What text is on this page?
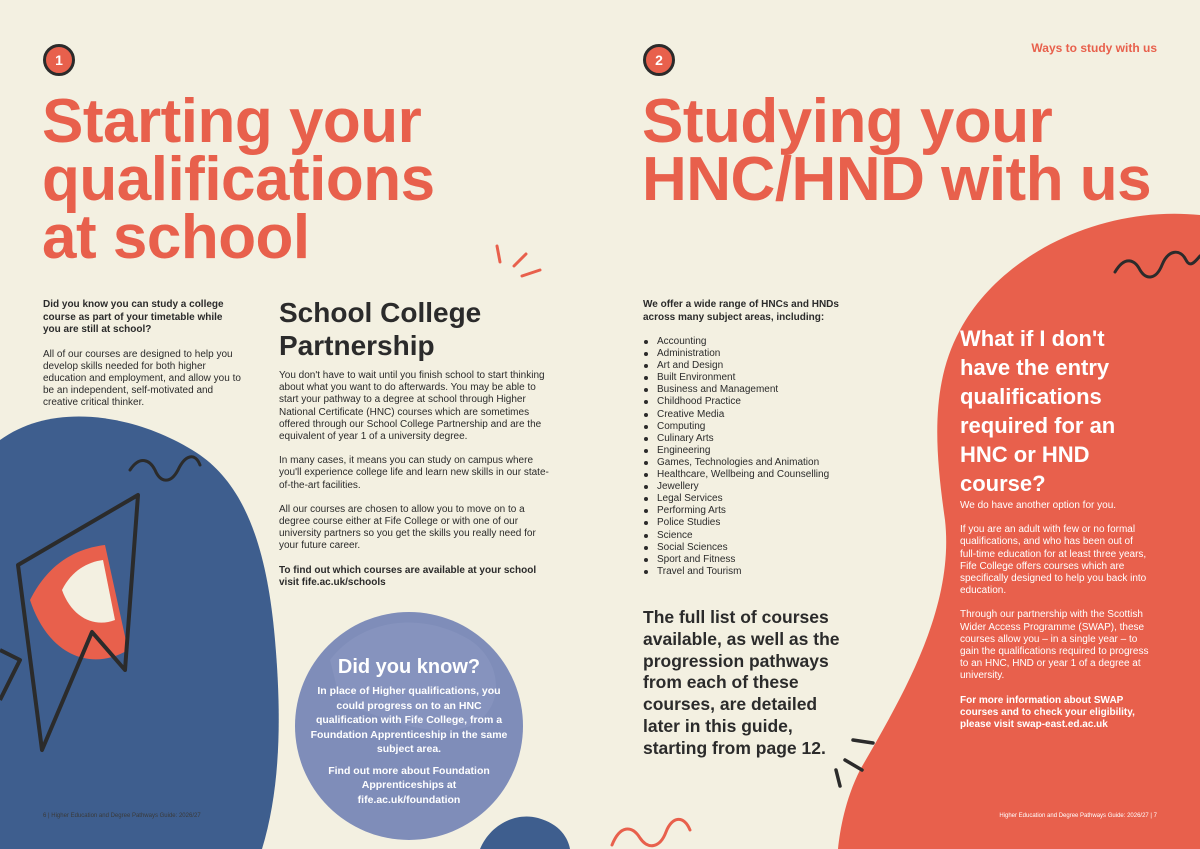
1
Starting your
qualifications
at school
Did you know you can study a college course as part of your timetable while you are still at school?
All of our courses are designed to help you develop skills needed for both higher education and employment, and allow you to be an independent, self-motivated and creative critical thinker.
School College
Partnership
You don't have to wait until you finish school to start thinking about what you want to do afterwards. You may be able to start your pathway to a degree at school through Higher National Certificate (HNC) courses which are sometimes offered through our School College Partnership and are the equivalent of year 1 of a university degree.
In many cases, it means you can study on campus where you'll experience college life and learn new skills in our state-of-the-art facilities.
All our courses are chosen to allow you to move on to a degree course either at Fife College or with one of our university partners so you get the skills you really need for your future career.
To find out which courses are available at your school visit fife.ac.uk/schools
Did you know?
In place of Higher qualifications, you could progress on to an HNC qualification with Fife College, from a Foundation Apprenticeship in the same subject area.
Find out more about Foundation Apprenticeships at fife.ac.uk/foundation
6 | Higher Education and Degree Pathways Guide: 2026/27
2
Ways to study with us
Studying your
HNC/HND with us
We offer a wide range of HNCs and HNDs across many subject areas, including:
Accounting
Administration
Art and Design
Built Environment
Business and Management
Childhood Practice
Creative Media
Computing
Culinary Arts
Engineering
Games, Technologies and Animation
Healthcare, Wellbeing and Counselling
Jewellery
Legal Services
Performing Arts
Police Studies
Science
Social Sciences
Sport and Fitness
Travel and Tourism
The full list of courses
available, as well as the
progression pathways
from each of these
courses, are detailed
later in this guide,
starting from page 12.
What if I don't
have the entry
qualifications
required for an
HNC or HND
course?
We do have another option for you.
If you are an adult with few or no formal qualifications, and who has been out of full-time education for at least three years, Fife College offers courses which are specifically designed to help you back into education.
Through our partnership with the Scottish Wider Access Programme (SWAP), these courses allow you – in a single year – to gain the qualifications required to progress to an HNC, HND or year 1 of a degree at university.
For more information about SWAP courses and to check your eligibility, please visit swap-east.ed.ac.uk
Higher Education and Degree Pathways Guide: 2026/27 | 7
